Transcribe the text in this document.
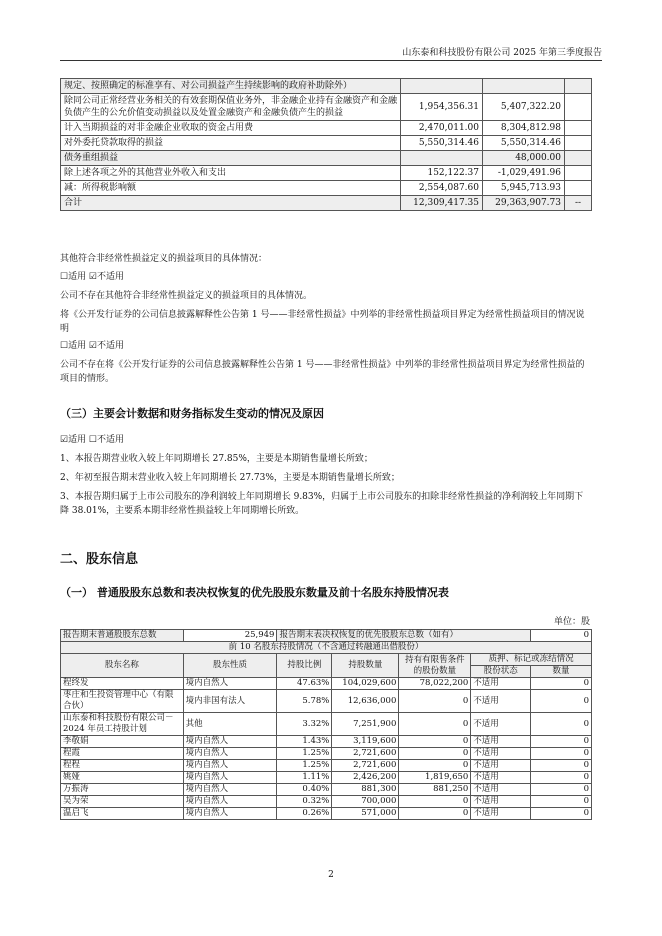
山东泰和科技股份有限公司 2025 年第三季度报告
规定、按照确定的标准享有、对公司损益产生持续影响的政府补助除外）			
除同公司正常经营业务相关的有效套期保值业务外，非金融企业持有金融资产和金融负债产生的公允价值变动损益以及处置金融资产和金融负债产生的损益	1,954,356.31	5,407,322.20	
计入当期损益的对非金融企业收取的资金占用费	2,470,011.00	8,304,812.98	
对外委托贷款取得的损益	5,550,314.46	5,550,314.46	
债务重组损益		48,000.00	
除上述各项之外的其他营业外收入和支出	152,122.37	-1,029,491.96	
减：所得税影响额	2,554,087.60	5,945,713.93	
合计	12,309,417.35	29,363,907.73	--
其他符合非经常性损益定义的损益项目的具体情况：
☐适用 ☑不适用
公司不存在其他符合非经常性损益定义的损益项目的具体情况。
将《公开发行证券的公司信息披露解释性公告第 1 号——非经常性损益》中列举的非经常性损益项目界定为经常性损益项目的情况说明
☐适用 ☑不适用
公司不存在将《公开发行证券的公司信息披露解释性公告第 1 号——非经常性损益》中列举的非经常性损益项目界定为经常性损益的项目的情形。
（三）主要会计数据和财务指标发生变动的情况及原因
☑适用 ☐不适用
1、本报告期营业收入较上年同期增长 27.85%，主要是本期销售量增长所致；
2、年初至报告期末营业收入较上年同期增长 27.73%，主要是本期销售量增长所致；
3、本报告期归属于上市公司股东的净利润较上年同期增长 9.83%，归属于上市公司股东的扣除非经常性损益的净利润较上年同期下降 38.01%，主要系本期非经常性损益较上年同期增长所致。
二、股东信息
（一） 普通股股东总数和表决权恢复的优先股股东数量及前十名股东持股情况表
单位：股
报告期末普通股股东总数	25,949	报告期末表决权恢复的优先股股东总数（如有）				0
前 10 名股东持股情况（不含通过转融通出借股份）						
股东名称	股东性质	持股比例	持股数量	持有有限售条件的股份数量	质押、标记或冻结情况	
					股份状态	数量
程终发	境内自然人	47.63%	104,029,600	78,022,200	不适用	0
枣庄和生投资管理中心（有限合伙）	境内非国有法人	5.78%	12,636,000	0	不适用	0
山东泰和科技股份有限公司－2024 年员工持股计划	其他	3.32%	7,251,900	0	不适用	0
李敬娟	境内自然人	1.43%	3,119,600	0	不适用	0
程霞	境内自然人	1.25%	2,721,600	0	不适用	0
程程	境内自然人	1.25%	2,721,600	0	不适用	0
姚娅	境内自然人	1.11%	2,426,200	1,819,650	不适用	0
万振涛	境内自然人	0.40%	881,300	881,250	不适用	0
吴为荣	境内自然人	0.32%	700,000	0	不适用	0
温启飞	境内自然人	0.26%	571,000	0	不适用	0
2
